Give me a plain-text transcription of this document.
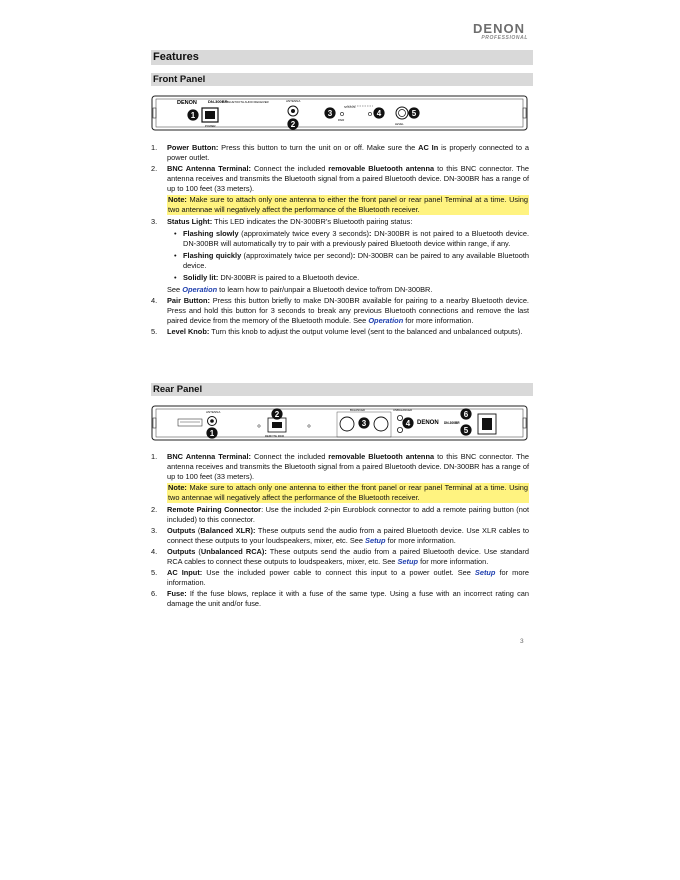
DENON
PROFESSIONAL
Features
Front Panel
DENON	DN-300BR BLUETOOTH AUDIO RECEIVER
POWER
1
ANTENNA
2
STATUS
3
PAIR
4
LEVEL
5
1. Power Button: Press this button to turn the unit on or off. Make sure the AC In is properly connected to a power outlet.
2. BNC Antenna Terminal: Connect the included removable Bluetooth antenna to this BNC connector. The antenna receives and transmits the Bluetooth signal from a paired Bluetooth device. DN-300BR has a range of up to 100 feet (33 meters).
Note: Make sure to attach only one antenna to either the front panel or rear panel Terminal at a time. Using two antennae will negatively affect the performance of the Bluetooth receiver.
3. Status Light: This LED indicates the DN-300BR’s Bluetooth pairing status:
• Flashing slowly (approximately twice every 3 seconds): DN-300BR is not paired to a Bluetooth device. DN-300BR will automatically try to pair with a previously paired Bluetooth device within range, if any.
• Flashing quickly (approximately twice per second): DN-300BR can be paired to any available Bluetooth device.
• Solidly lit: DN-300BR is paired to a Bluetooth device.
See Operation to learn how to pair/unpair a Bluetooth device to/from DN-300BR.
4. Pair Button: Press this button briefly to make DN-300BR available for pairing to a nearby Bluetooth device. Press and hold this button for 3 seconds to break any previous Bluetooth connections and remove the last paired device from the memory of the Bluetooth module. See Operation for more information.
5. Level Knob: Turn this knob to adjust the output volume level (sent to the balanced and unbalanced outputs).
Rear Panel
ANTENNA
1	REMOTE PAIR
2	BALANCED
3
UNBALANCED
4 DENON DN-300BR
6
5
1. BNC Antenna Terminal: Connect the included removable Bluetooth antenna to this BNC connector. The antenna receives and transmits the Bluetooth signal from a paired Bluetooth device. DN-300BR has a range of up to 100 feet (33 meters).
Note: Make sure to attach only one antenna to either the front panel or rear panel Terminal at a time. Using two antennae will negatively affect the performance of the Bluetooth receiver.
2. Remote Pairing Connector: Use the included 2-pin Euroblock connector to add a remote pairing button (not included) to this connector.
3. Outputs (Balanced XLR): These outputs send the audio from a paired Bluetooth device. Use XLR cables to connect these outputs to your loudspeakers, mixer, etc. See Setup for more information.
4. Outputs (Unbalanced RCA): These outputs send the audio from a paired Bluetooth device. Use standard RCA cables to connect these outputs to loudspeakers, mixer, etc. See Setup for more information.
5. AC Input: Use the included power cable to connect this input to a power outlet. See Setup for more information.
6. Fuse: If the fuse blows, replace it with a fuse of the same type. Using a fuse with an incorrect rating can damage the unit and/or fuse.
3
